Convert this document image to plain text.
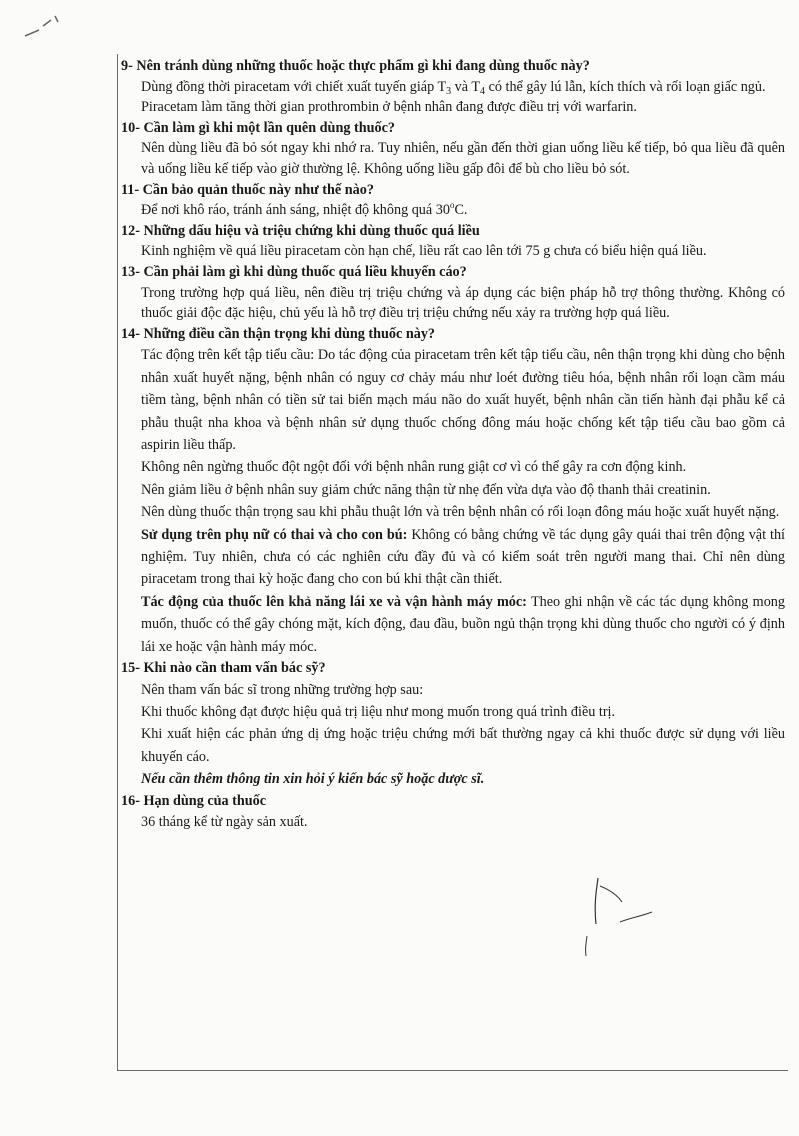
9- Nên tránh dùng những thuốc hoặc thực phẩm gì khi đang dùng thuốc này?

Dùng đồng thời piracetam với chiết xuất tuyến giáp $T_3$ và $T_4$ có thể gây lú lẫn, kích thích và rối loạn giấc ngủ.

Piracetam làm tăng thời gian prothrombin ở bệnh nhân đang được điều trị với warfarin.

10- Cần làm gì khi một lần quên dùng thuốc?

Nên dùng liều đã bỏ sót ngay khi nhớ ra. Tuy nhiên, nếu gần đến thời gian uống liều kế tiếp, bỏ qua liều đã quên và uống liều kế tiếp vào giờ thường lệ. Không uống liều gấp đôi để bù cho liều bỏ sót.

11- Cần bảo quản thuốc này như thế nào?

Để nơi khô ráo, tránh ánh sáng, nhiệt độ không quá 30$^o$C.

12- Những dấu hiệu và triệu chứng khi dùng thuốc quá liều

Kinh nghiệm về quá liều piracetam còn hạn chế, liều rất cao lên tới 75 g chưa có biểu hiện quá liều.

13- Cần phải làm gì khi dùng thuốc quá liều khuyến cáo?

Trong trường hợp quá liều, nên điều trị triệu chứng và áp dụng các biện pháp hỗ trợ thông thường. Không có thuốc giải độc đặc hiệu, chủ yếu là hỗ trợ điều trị triệu chứng nếu xảy ra trường hợp quá liều.

14- Những điều cần thận trọng khi dùng thuốc này?

Tác động trên kết tập tiểu cầu: Do tác động của piracetam trên kết tập tiểu cầu, nên thận trọng khi dùng cho bệnh nhân xuất huyết nặng, bệnh nhân có nguy cơ chảy máu như loét đường tiêu hóa, bệnh nhân rối loạn cầm máu tiềm tàng, bệnh nhân có tiền sử tai biến mạch máu não do xuất huyết, bệnh nhân cần tiến hành đại phẫu kể cả phẫu thuật nha khoa và bệnh nhân sử dụng thuốc chống đông máu hoặc chống kết tập tiểu cầu bao gồm cả aspirin liều thấp.

Không nên ngừng thuốc đột ngột đối với bệnh nhân rung giật cơ vì có thể gây ra cơn động kinh.

Nên giảm liều ở bệnh nhân suy giảm chức năng thận từ nhẹ đến vừa dựa vào độ thanh thải creatinin.

Nên dùng thuốc thận trọng sau khi phẫu thuật lớn và trên bệnh nhân có rối loạn đông máu hoặc xuất huyết nặng.

Sử dụng trên phụ nữ có thai và cho con bú: Không có bằng chứng về tác dụng gây quái thai trên động vật thí nghiệm. Tuy nhiên, chưa có các nghiên cứu đầy đủ và có kiểm soát trên người mang thai. Chỉ nên dùng piracetam trong thai kỳ hoặc đang cho con bú khi thật cần thiết.

Tác động của thuốc lên khả năng lái xe và vận hành máy móc: Theo ghi nhận về các tác dụng không mong muốn, thuốc có thể gây chóng mặt, kích động, đau đầu, buồn ngủ thận trọng khi dùng thuốc cho người có ý định lái xe hoặc vận hành máy móc.

15- Khi nào cần tham vấn bác sỹ?

Nên tham vấn bác sĩ trong những trường hợp sau:

Khi thuốc không đạt được hiệu quả trị liệu như mong muốn trong quá trình điều trị.

Khi xuất hiện các phản ứng dị ứng hoặc triệu chứng mới bất thường ngay cả khi thuốc được sử dụng với liều khuyến cáo.

Nếu cần thêm thông tin xin hỏi ý kiến bác sỹ hoặc dược sĩ.

16- Hạn dùng của thuốc

36 tháng kể từ ngày sản xuất.
